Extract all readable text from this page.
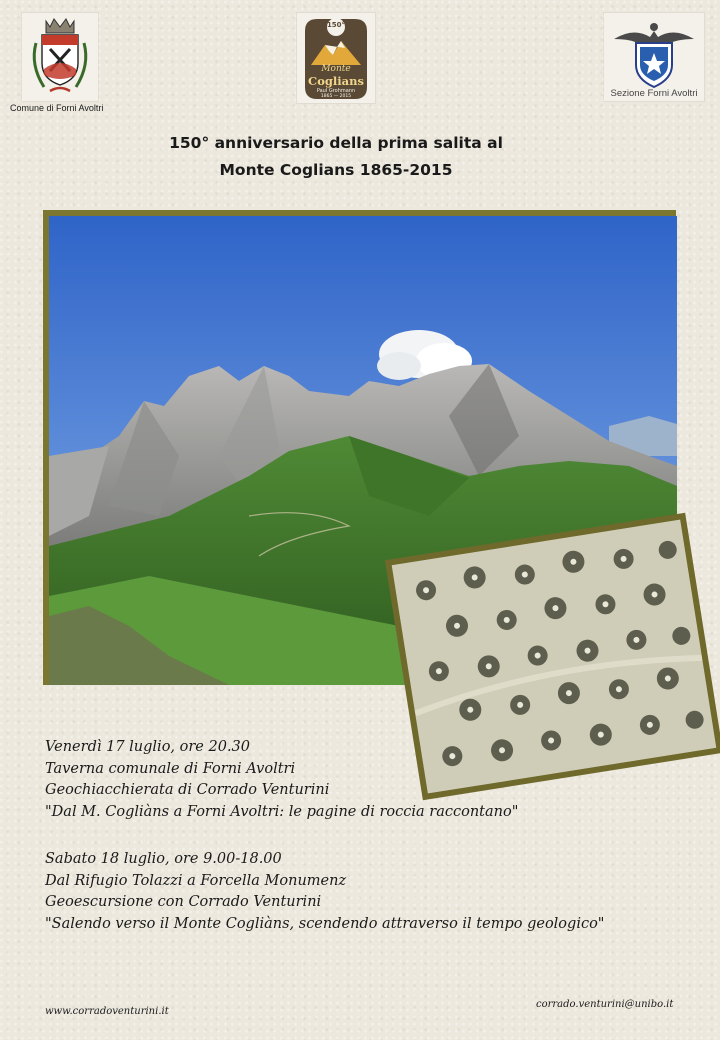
Comune di Forni Avoltri
150°
Monte
Coglians
Paul Grohmann
1865 — 2015	Sezione Forni Avoltri
150° anniversario della prima salita al
Monte Coglians 1865-2015
Venerdì 17 luglio, ore 20.30
Taverna comunale di Forni Avoltri
Geochiacchierata di Corrado Venturini
"Dal M. Cogliàns a Forni Avoltri: le pagine di roccia raccontano"
Sabato 18 luglio, ore 9.00-18.00
Dal Rifugio Tolazzi a Forcella Monumenz
Geoescursione con Corrado Venturini
"Salendo verso il Monte Cogliàns, scendendo attraverso il tempo geologico"
www.corradoventurini.it
corrado.venturini@unibo.it
